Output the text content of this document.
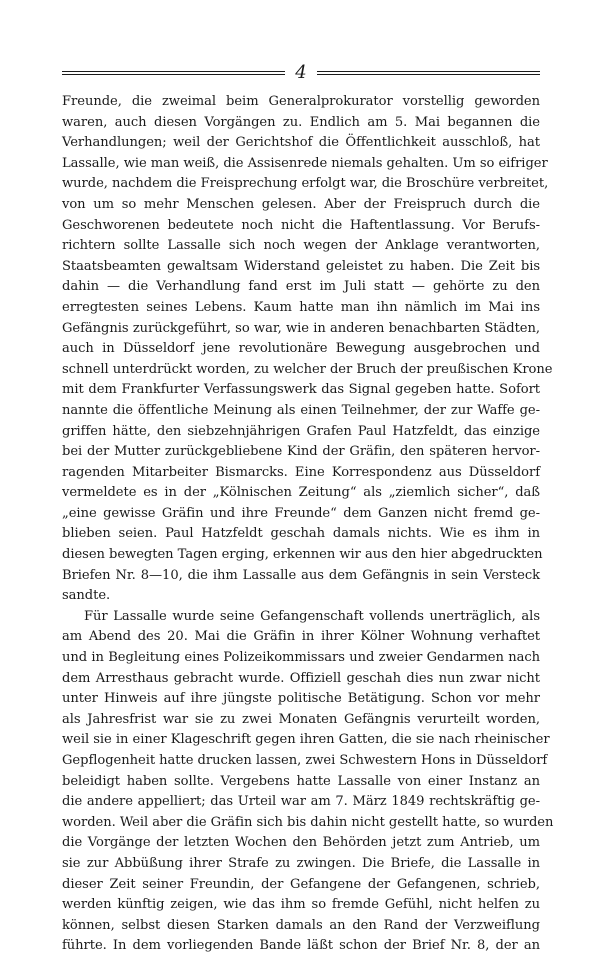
4

Freunde, die zweimal beim Generalprokurator vorstellig geworden
waren, auch diesen Vorgängen zu. Endlich am 5. Mai begannen die
Verhandlungen; weil der Gerichtshof die Öffentlichkeit ausschloß, hat
Lassalle, wie man weiß, die Assisenrede niemals gehalten. Um so eifriger
wurde, nachdem die Freisprechung erfolgt war, die Broschüre verbreitet,
von um so mehr Menschen gelesen. Aber der Freispruch durch die
Geschworenen bedeutete noch nicht die Haftentlassung. Vor Berufs-
richtern sollte Lassalle sich noch wegen der Anklage verantworten,
Staatsbeamten gewaltsam Widerstand geleistet zu haben. Die Zeit bis
dahin — die Verhandlung fand erst im Juli statt — gehörte zu den
erregtesten seines Lebens. Kaum hatte man ihn nämlich im Mai ins
Gefängnis zurückgeführt, so war, wie in anderen benachbarten Städten,
auch in Düsseldorf jene revolutionäre Bewegung ausgebrochen und
schnell unterdrückt worden, zu welcher der Bruch der preußischen Krone
mit dem Frankfurter Verfassungswerk das Signal gegeben hatte. Sofort
nannte die öffentliche Meinung als einen Teilnehmer, der zur Waffe ge-
griffen hätte, den siebzehnjährigen Grafen Paul Hatzfeldt, das einzige
bei der Mutter zurückgebliebene Kind der Gräfin, den späteren hervor-
ragenden Mitarbeiter Bismarcks. Eine Korrespondenz aus Düsseldorf
vermeldete es in der „Kölnischen Zeitung“ als „ziemlich sicher“, daß
„eine gewisse Gräfin und ihre Freunde“ dem Ganzen nicht fremd ge-
blieben seien. Paul Hatzfeldt geschah damals nichts. Wie es ihm in
diesen bewegten Tagen erging, erkennen wir aus den hier abgedruckten
Briefen Nr. 8—10, die ihm Lassalle aus dem Gefängnis in sein Versteck
sandte.

Für Lassalle wurde seine Gefangenschaft vollends unerträglich, als
am Abend des 20. Mai die Gräfin in ihrer Kölner Wohnung verhaftet
und in Begleitung eines Polizeikommissars und zweier Gendarmen nach
dem Arresthaus gebracht wurde. Offiziell geschah dies nun zwar nicht
unter Hinweis auf ihre jüngste politische Betätigung. Schon vor mehr
als Jahresfrist war sie zu zwei Monaten Gefängnis verurteilt worden,
weil sie in einer Klageschrift gegen ihren Gatten, die sie nach rheinischer
Gepflogenheit hatte drucken lassen, zwei Schwestern Hons in Düsseldorf
beleidigt haben sollte. Vergebens hatte Lassalle von einer Instanz an
die andere appelliert; das Urteil war am 7. März 1849 rechtskräftig ge-
worden. Weil aber die Gräfin sich bis dahin nicht gestellt hatte, so wurden
die Vorgänge der letzten Wochen den Behörden jetzt zum Antrieb, um
sie zur Abbüßung ihrer Strafe zu zwingen. Die Briefe, die Lassalle in
dieser Zeit seiner Freundin, der Gefangene der Gefangenen, schrieb,
werden künftig zeigen, wie das ihm so fremde Gefühl, nicht helfen zu
können, selbst diesen Starken damals an den Rand der Verzweiflung
führte. In dem vorliegenden Bande läßt schon der Brief Nr. 8, der an
